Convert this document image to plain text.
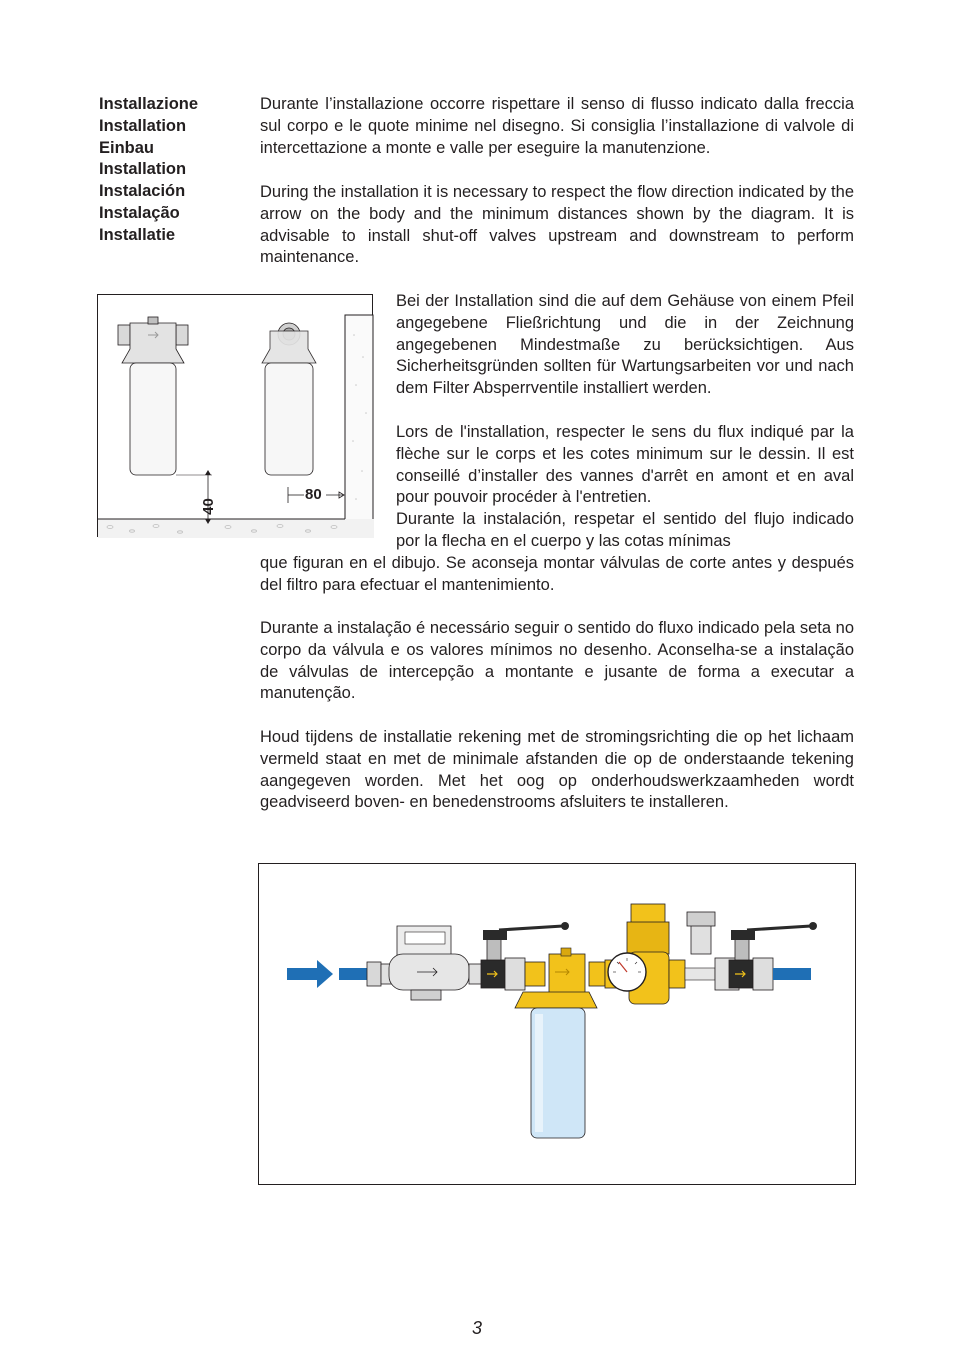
Installazione
Installation
Einbau
Installation
Instalación
Instalação
Installatie

Durante l’installazione occorre rispettare il senso di flusso indicato dalla freccia sul corpo e le quote minime nel disegno. Si consiglia l’installazione di valvole di intercettazione a monte e valle per eseguire la manutenzione.

During the installation it is necessary to respect the flow direction indicated by the arrow on the body and the minimum distances shown by the diagram. It is advisable to install shut-off valves upstream and downstream to perform maintenance.

40
80

Bei der Installation sind die auf dem Gehäuse von einem Pfeil angegebene Fließrichtung und die in der Zeichnung angegebenen Mindestmaße zu berücksichtigen. Aus Sicherheitsgründen sollten für Wartungsarbeiten vor und nach dem Filter Absperrventile installiert werden.

Lors de l'installation, respecter le sens du flux indiqué par la flèche sur le corps et les cotes minimum sur le dessin. Il est conseillé d’installer des vannes d'arrêt en amont et en aval pour pouvoir procéder à l'entretien.

Durante la instalación, respetar el sentido del flujo indicado por la flecha en el cuerpo y las cotas mínimas

que figuran en el dibujo. Se aconseja montar válvulas de corte antes y después del filtro para efectuar el mantenimiento.

Durante a instalação é necessário seguir o sentido do fluxo indicado pela seta no corpo da válvula e os valores mínimos no desenho. Aconselha-se a instalação de válvulas de intercepção a montante e jusante de forma a executar a manutenção.

Houd tijdens de installatie rekening met de stromingsrichting die op het lichaam vermeld staat en met de minimale afstanden die op de onderstaande tekening aangegeven worden. Met het oog op onderhoudswerkzaamheden wordt geadviseerd boven- en benedenstrooms afsluiters te installeren.

3
